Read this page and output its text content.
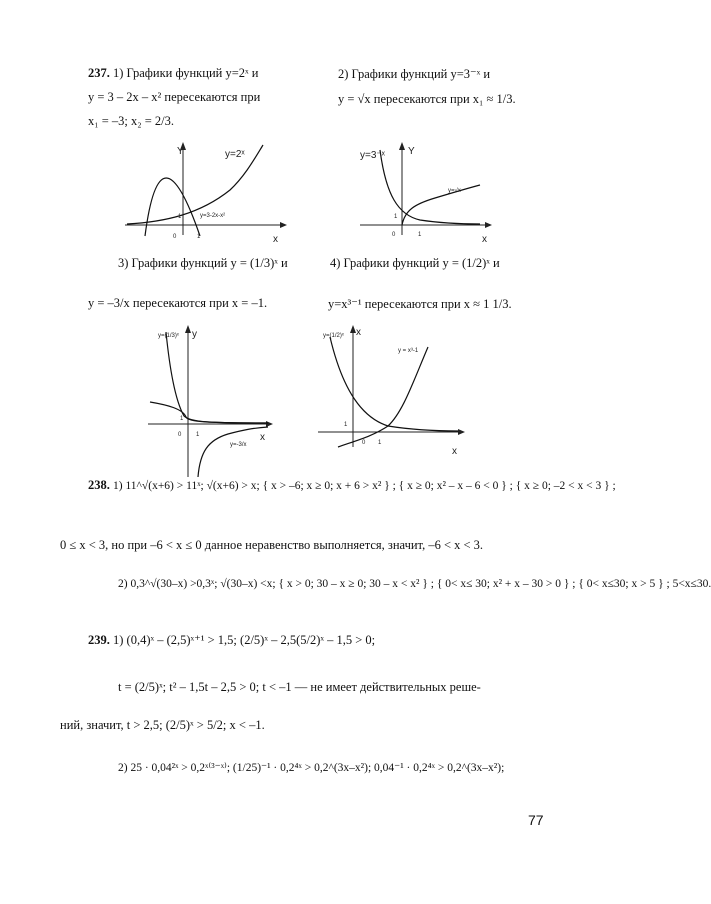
237. 1) Графики функций y=2ˣ и
y = 3 – 2x – x² пересекаются при
x₁ = –3; x₂ = 2/3.
2) Графики функций y=3⁻ˣ и
y = √x пересекаются при x₁ ≈ 1/3.
Y	y=2ˣ
y=3-2x-x²
0	1
1
x
y=3⁻ˣ Y
y=√x
0	1
1
x
3) Графики функций y = (1/3)ˣ и
y = –3/x пересекаются при x = –1.
4) Графики функций y = (1/2)ˣ и
y=x³⁻¹ пересекаются при x ≈ 1 1/3.
y=(1/3)ˣ y
y=-3/x
0 1
1
x
y=(1/2)ˣ x
y = x³-1
0 1
1
x
238. 1) 11^√(x+6) > 11ˣ; √(x+6) > x; { x > –6; x ≥ 0; x + 6 > x² } ; { x ≥ 0; x² – x – 6 < 0 } ; { x ≥ 0; –2 < x < 3 } ;
0 ≤ x < 3, но при –6 < x ≤ 0 данное неравенство выполняется, значит, –6 < x < 3.
2) 0,3^√(30–x) >0,3ˣ; √(30–x) <x; { x > 0; 30 – x ≥ 0; 30 – x < x² } ; { 0< x≤ 30; x² + x – 30 > 0 } ; { 0< x≤30; x > 5 } ; 5<x≤30.
239. 1) (0,4)ˣ – (2,5)ˣ⁺¹ > 1,5; (2/5)ˣ – 2,5(5/2)ˣ – 1,5 > 0;
t = (2/5)ˣ; t² – 1,5t – 2,5 > 0; t < –1 — не имеет действительных реше-
ний, значит, t > 2,5; (2/5)ˣ > 5/2; x < –1.
2) 25 · 0,04²ˣ > 0,2ˣ⁽³⁻ˣ⁾; (1/25)⁻¹ · 0,2⁴ˣ > 0,2^(3x–x²); 0,04⁻¹ · 0,2⁴ˣ > 0,2^(3x–x²);
77
